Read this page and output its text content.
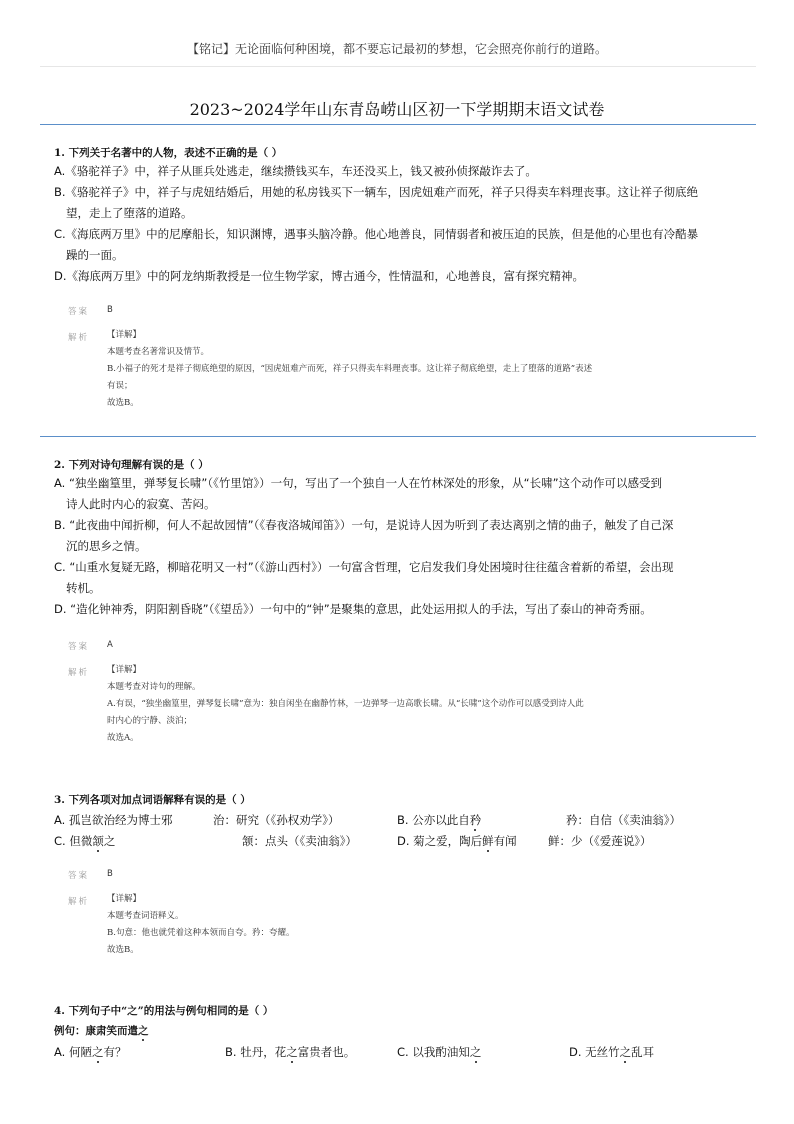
【铭记】无论面临何种困境，都不要忘记最初的梦想，它会照亮你前行的道路。
2023~2024学年山东青岛崂山区初一下学期期末语文试卷
1. 下列关于名著中的人物，表述不正确的是（ ）
A.《骆驼祥子》中，祥子从匪兵处逃走，继续攒钱买车，车还没买上，钱又被孙侦探敲诈去了。
B.《骆驼祥子》中，祥子与虎妞结婚后，用她的私房钱买下一辆车，因虎妞难产而死，祥子只得卖车料理丧事。这让祥子彻底绝
望，走上了堕落的道路。
C.《海底两万里》中的尼摩船长，知识渊博，遇事头脑冷静。他心地善良，同情弱者和被压迫的民族，但是他的心里也有冷酷暴
躁的一面。
D.《海底两万里》中的阿龙纳斯教授是一位生物学家，博古通今，性情温和，心地善良，富有探究精神。
答案 B
解析 【详解】
本题考查名著常识及情节。
B.小福子的死才是祥子彻底绝望的原因，“因虎妞难产而死，祥子只得卖车料理丧事。这让祥子彻底绝望，走上了堕落的道路”表述
有误；
故选B。
2. 下列对诗句理解有误的是（ ）
A. “独坐幽篁里，弹琴复长啸”（《竹里馆》）一句，写出了一个独自一人在竹林深处的形象，从“长啸”这个动作可以感受到
诗人此时内心的寂寞、苦闷。
B. “此夜曲中闻折柳，何人不起故园情”（《春夜洛城闻笛》）一句，是说诗人因为听到了表达离别之情的曲子，触发了自己深
沉的思乡之情。
C. “山重水复疑无路，柳暗花明又一村”（《游山西村》）一句富含哲理，它启发我们身处困境时往往蕴含着新的希望，会出现
转机。
D. “造化钟神秀，阴阳割昏晓”（《望岳》）一句中的“钟”是聚集的意思，此处运用拟人的手法，写出了泰山的神奇秀丽。
答案 A
解析 【详解】
本题考查对诗句的理解。
A.有误，“独坐幽篁里，弹琴复长啸”意为：独自闲坐在幽静竹林，一边弹琴一边高歌长啸。从“长啸”这个动作可以感受到诗人此
时内心的宁静、淡泊；
故选A。
3. 下列各项对加点词语解释有误的是（ ）
A. 孤岂欲治经为博士邪	治：研究（《孙权劝学》）	B. 公亦以此自矜	矜：自信（《卖油翁》）
C. 但微颔之	颔：点头（《卖油翁》）	D. 菊之爱，陶后鲜有闻	鲜：少（《爱莲说》）
答案 B
解析 【详解】
本题考查词语释义。
B.句意：他也就凭着这种本领而自夸。矜：夸耀。
故选B。
4. 下列句子中“之”的用法与例句相同的是（ ）
例句：康肃笑而遣之
A. 何陋之有？	B. 牡丹，花之富贵者也。	C. 以我酌油知之	D. 无丝竹之乱耳
